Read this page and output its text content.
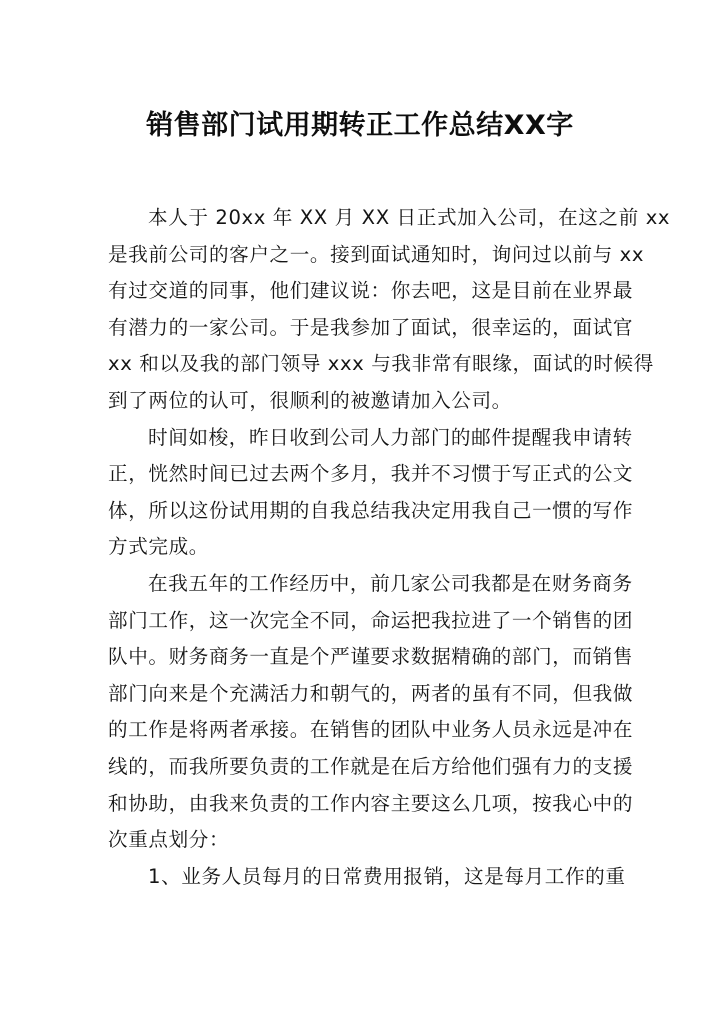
销售部门试用期转正工作总结XX字

本人于 20xx 年 XX 月 XX 日正式加入公司，在这之前 xx
是我前公司的客户之一。接到面试通知时，询问过以前与 xx
有过交道的同事，他们建议说：你去吧，这是目前在业界最
有潜力的一家公司。于是我参加了面试，很幸运的，面试官
xx 和以及我的部门领导 xxx 与我非常有眼缘，面试的时候得
到了两位的认可，很顺利的被邀请加入公司。

时间如梭，昨日收到公司人力部门的邮件提醒我申请转
正，恍然时间已过去两个多月，我并不习惯于写正式的公文
体，所以这份试用期的自我总结我决定用我自己一惯的写作
方式完成。

在我五年的工作经历中，前几家公司我都是在财务商务
部门工作，这一次完全不同，命运把我拉进了一个销售的团
队中。财务商务一直是个严谨要求数据精确的部门，而销售
部门向来是个充满活力和朝气的，两者的虽有不同，但我做
的工作是将两者承接。在销售的团队中业务人员永远是冲在
线的，而我所要负责的工作就是在后方给他们强有力的支援
和协助，由我来负责的工作内容主要这么几项，按我心中的
次重点划分：

1、业务人员每月的日常费用报销，这是每月工作的重
